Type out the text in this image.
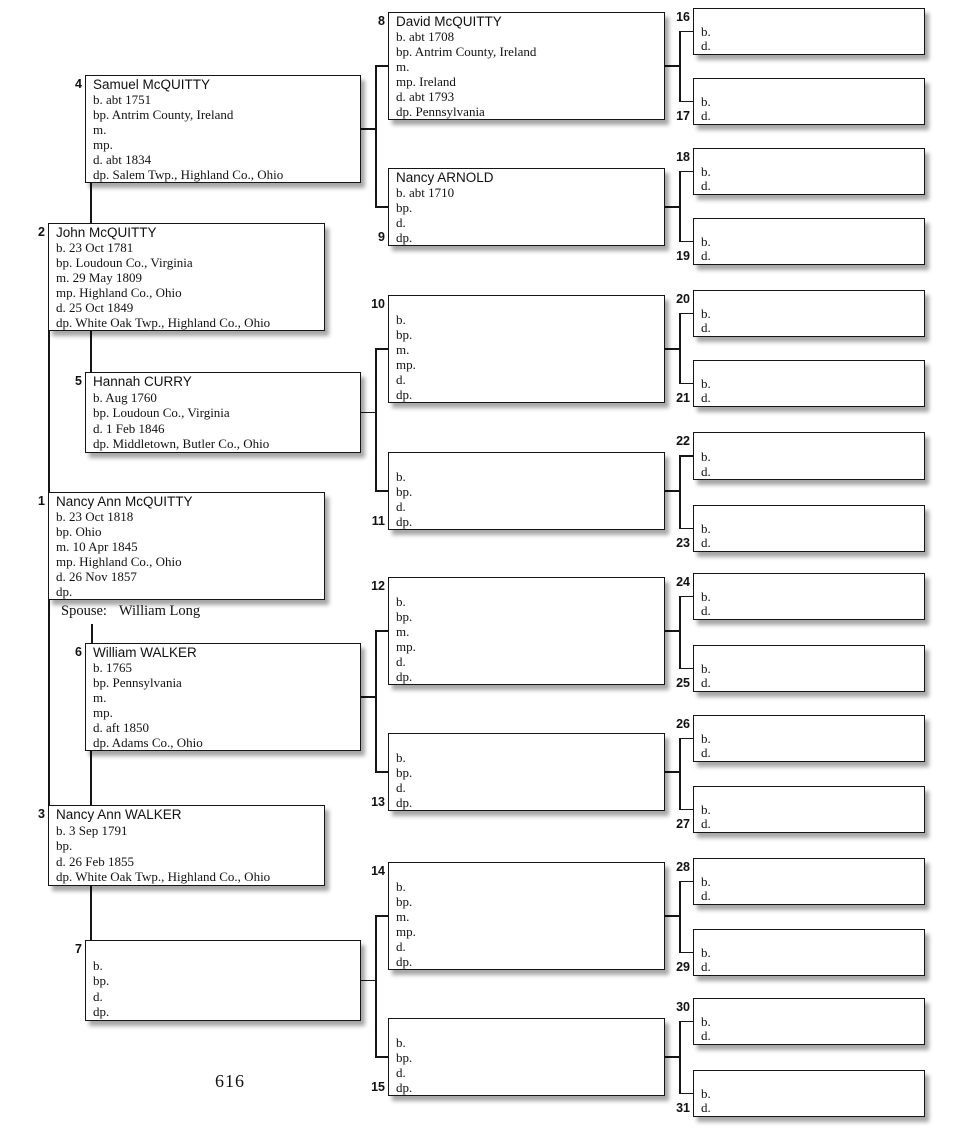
Nancy Ann McQUITTY
b. 23 Oct 1818
bp. Ohio
m. 10 Apr 1845
mp. Highland Co., Ohio
d. 26 Nov 1857
dp.
1
John McQUITTY
b. 23 Oct 1781
bp. Loudoun Co., Virginia
m. 29 May 1809
mp. Highland Co., Ohio
d. 25 Oct 1849
dp. White Oak Twp., Highland Co., Ohio
2
Nancy Ann WALKER
b. 3 Sep 1791
bp.
d. 26 Feb 1855
dp. White Oak Twp., Highland Co., Ohio
3
Samuel McQUITTY
b. abt 1751
bp. Antrim County, Ireland
m.
mp.
d. abt 1834
dp. Salem Twp., Highland Co., Ohio
4
Hannah CURRY
b. Aug 1760
bp. Loudoun Co., Virginia
d. 1 Feb 1846
dp. Middletown, Butler Co., Ohio
5
William WALKER
b. 1765
bp. Pennsylvania
m.
mp.
d. aft 1850
dp. Adams Co., Ohio
6
b.
bp.
d.
dp.
7
David McQUITTY
b. abt 1708
bp. Antrim County, Ireland
m.
mp. Ireland
d. abt 1793
dp. Pennsylvania
8
Nancy ARNOLD
b. abt 1710
bp.
d.
dp.
9
b.
bp.
m.
mp.
d.
dp.
10
b.
bp.
d.
dp.
11
b.
bp.
m.
mp.
d.
dp.
12
b.
bp.
d.
dp.
13
b.
bp.
m.
mp.
d.
dp.
14
b.
bp.
d.
dp.
15
b.
d.
16
b.
d.
17
b.
d.
18
b.
d.
19
b.
d.
20
b.
d.
21
b.
d.
22
b.
d.
23
b.
d.
24
b.
d.
25
b.
d.
26
b.
d.
27
b.
d.
28
b.
d.
29
b.
d.
30
b.
d.
31
Spouse: William Long
616
